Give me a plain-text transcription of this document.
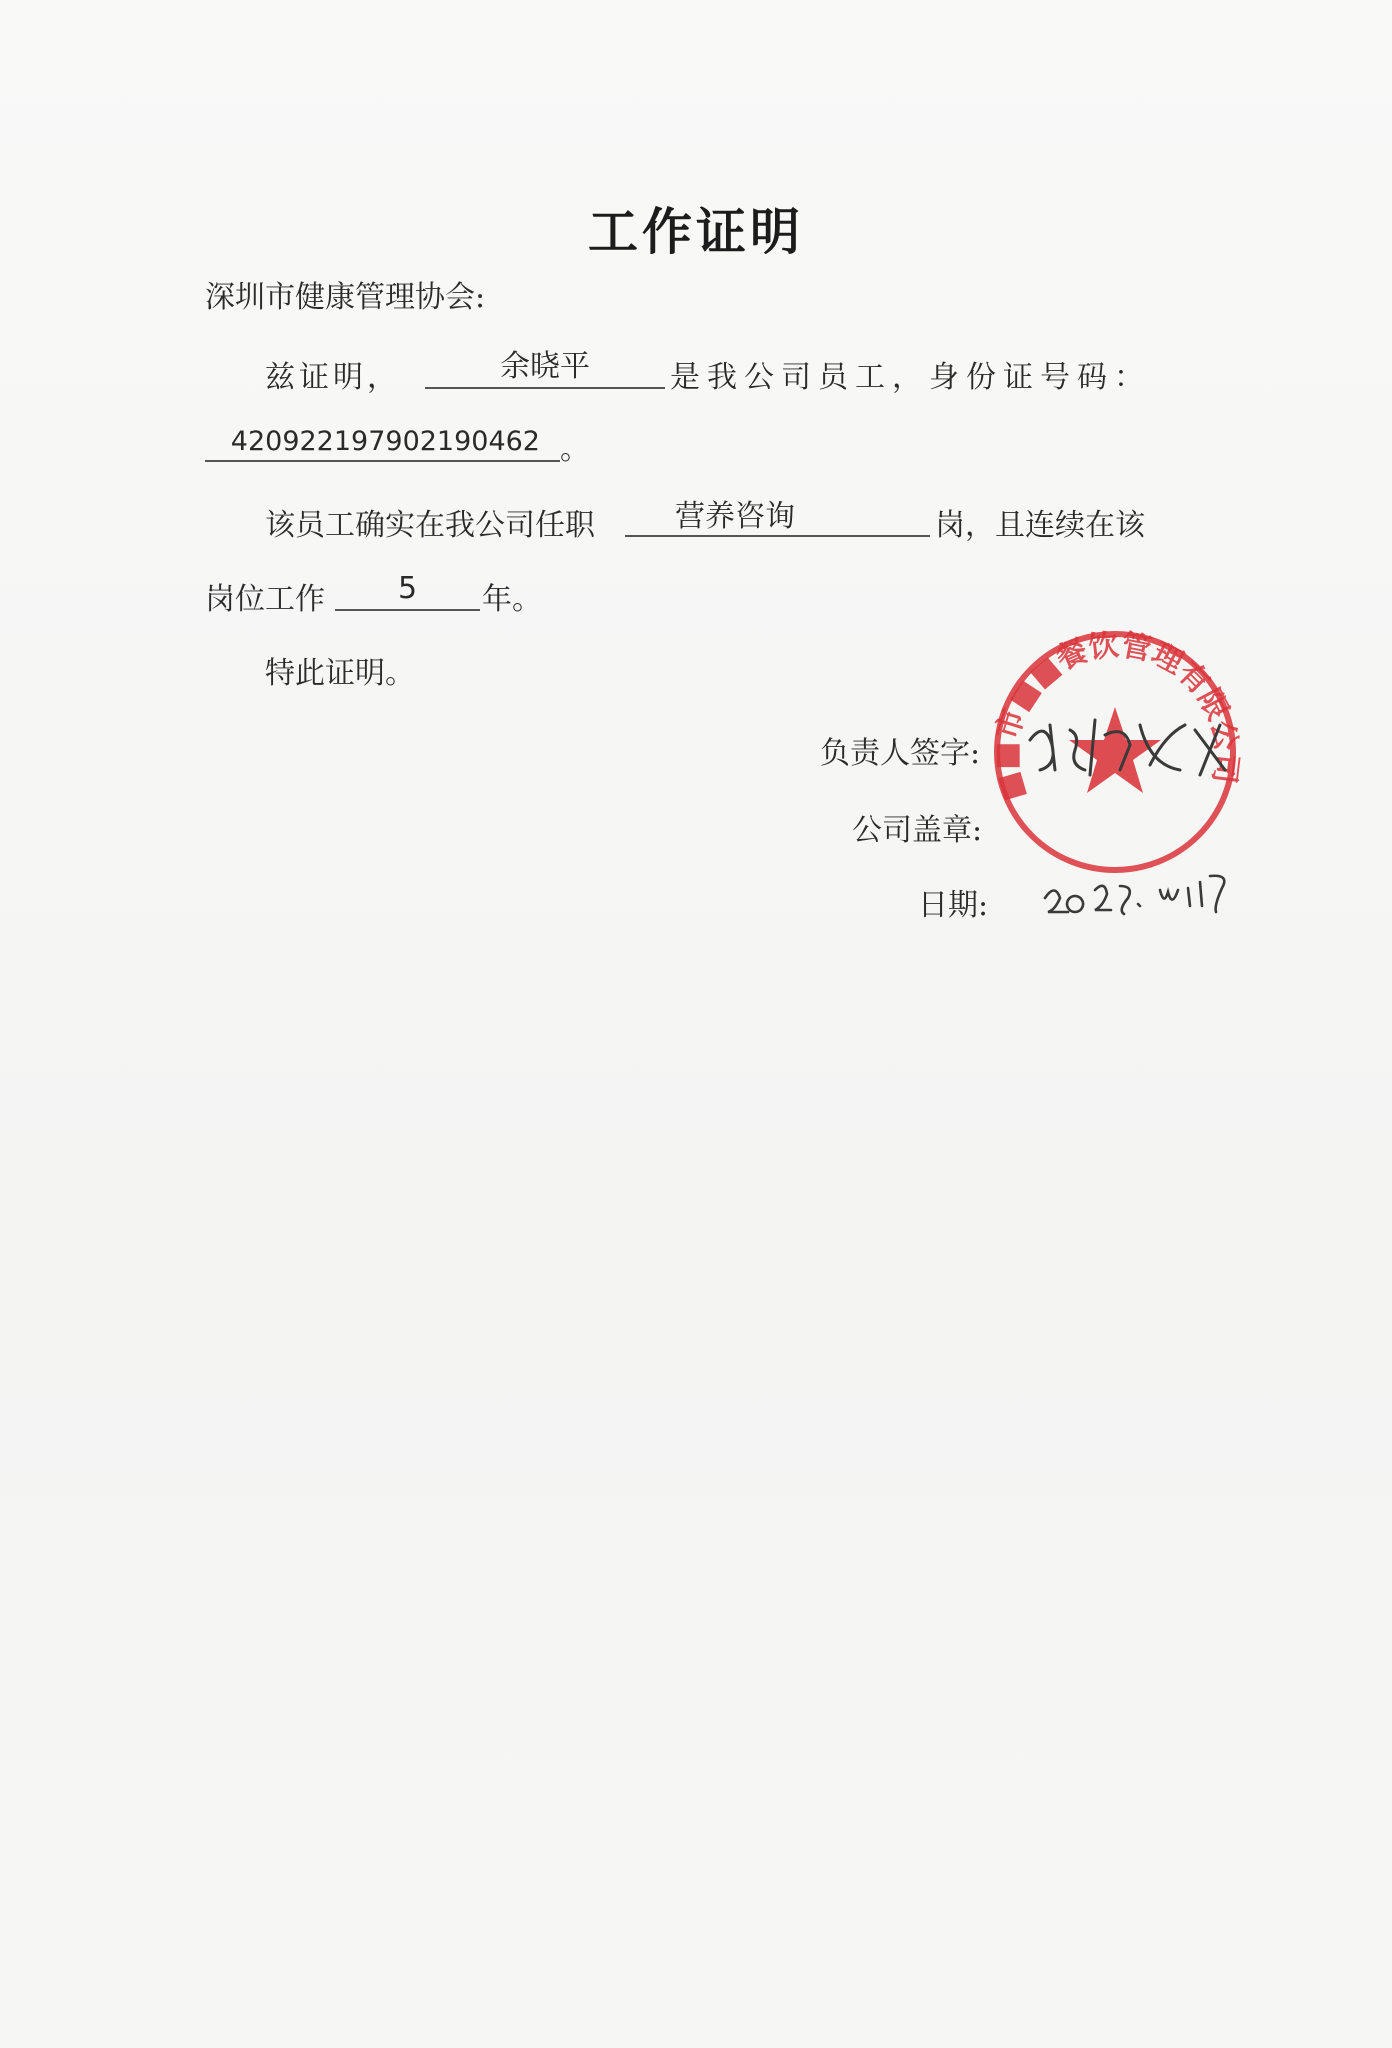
工作证明
深圳市健康管理协会:
兹证明，	余晓平	是我公司员工，身份证号码：
420922197902190462 。
该员工确实在我公司任职	营养咨询	岗，且连续在该
岗位工作	5	年。
特此证明。
负责人签字:
公司盖章:
日期:
■■市■■餐饮管理有限公司
